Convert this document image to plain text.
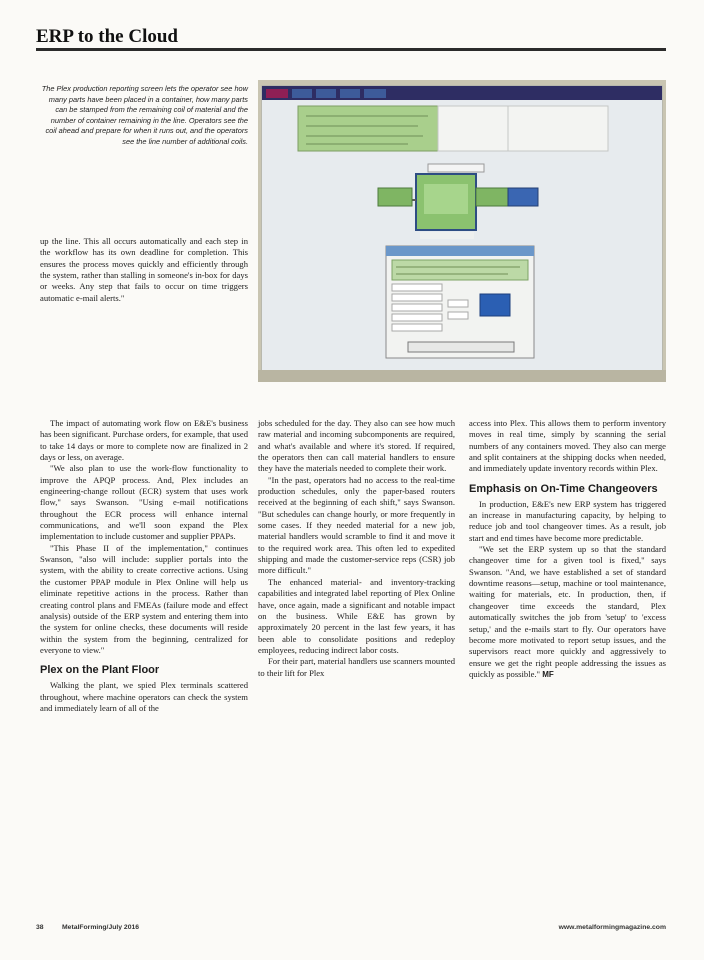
ERP to the Cloud
The Plex production reporting screen lets the operator see how many parts have been placed in a container, how many parts can be stamped from the remaining coil of material and the number of container remaining in the line. Operators see the coil ahead and prepare for when it runs out, and the operators see the line number of additional coils.

up the line. This all occurs automatically and each step in the workflow has its own deadline for completion. This ensures the process moves quickly and efficiently through the system, rather than stalling in someone's in-box for days or weeks. Any step that fails to occur on time triggers automatic e-mail alerts."

The impact of automating work flow on E&E's business has been significant. Purchase orders, for example, that used to take 14 days or more to complete now are finalized in 2 days or less, on average.

"We also plan to use the work-flow functionality to improve the APQP process. And, Plex includes an engineering-change rollout (ECR) system that uses work flow," says Swanson. "Using e-mail notifications throughout the ECR process will enhance internal communications, and we'll soon expand the Plex implementation to include customer and supplier PPAPs.

"This Phase II of the implementation," continues Swanson, "also will include: supplier portals into the system, with the ability to create corrective actions. Using the customer PPAP module in Plex Online will help us eliminate repetitive actions in the process. Rather than creating control plans and FMEAs (failure mode and effect analysis) outside of the ERP system and entering them into the system for online checks, these documents will reside within the system from the beginning, centralized for everyone to view."

Plex on the Plant Floor

Walking the plant, we spied Plex terminals scattered throughout, where machine operators can check the system and immediately learn of all of the

jobs scheduled for the day. They also can see how much raw material and incoming subcomponents are required, and what's available and where it's stored. If required, the operators then can call material handlers to ensure they have the materials needed to complete their work.

"In the past, operators had no access to the real-time production schedules, only the paper-based routers received at the beginning of each shift," says Swanson. "But schedules can change hourly, or more frequently in some cases. If they needed material for a new job, material handlers would scramble to find it and move it to the required work area. This often led to expedited shipping and made the customer-service reps (CSR) job more difficult."

The enhanced material- and inventory-tracking capabilities and integrated label reporting of Plex Online have, once again, made a significant and notable impact on the business. While E&E has grown by approximately 20 percent in the last few years, it has been able to consolidate positions and redeploy employees, reducing indirect labor costs.

For their part, material handlers use scanners mounted to their lift for Plex

access into Plex. This allows them to perform inventory moves in real time, simply by scanning the serial numbers of any containers moved. They also can merge and split containers at the shipping docks when needed, and immediately update inventory records within Plex.

Emphasis on On-Time Changeovers

In production, E&E's new ERP system has triggered an increase in manufacturing capacity, by helping to reduce job and tool changeover times. As a result, job start and end times have become more predictable.

"We set the ERP system up so that the standard changeover time for a given tool is fixed," says Swanson. "And, we have established a set of standard downtime reasons—setup, machine or tool maintenance, waiting for materials, etc. In production, then, if changeover time exceeds the standard, Plex automatically switches the job from 'setup' to 'excess setup,' and the e-mails start to fly. Our operators have become more motivated to report setup issues, and the supervisors react more quickly and aggressively to ensure we get the right people addressing the issues as quickly as possible." MF

38	MetalForming/July 2016	www.metalformingmagazine.com
